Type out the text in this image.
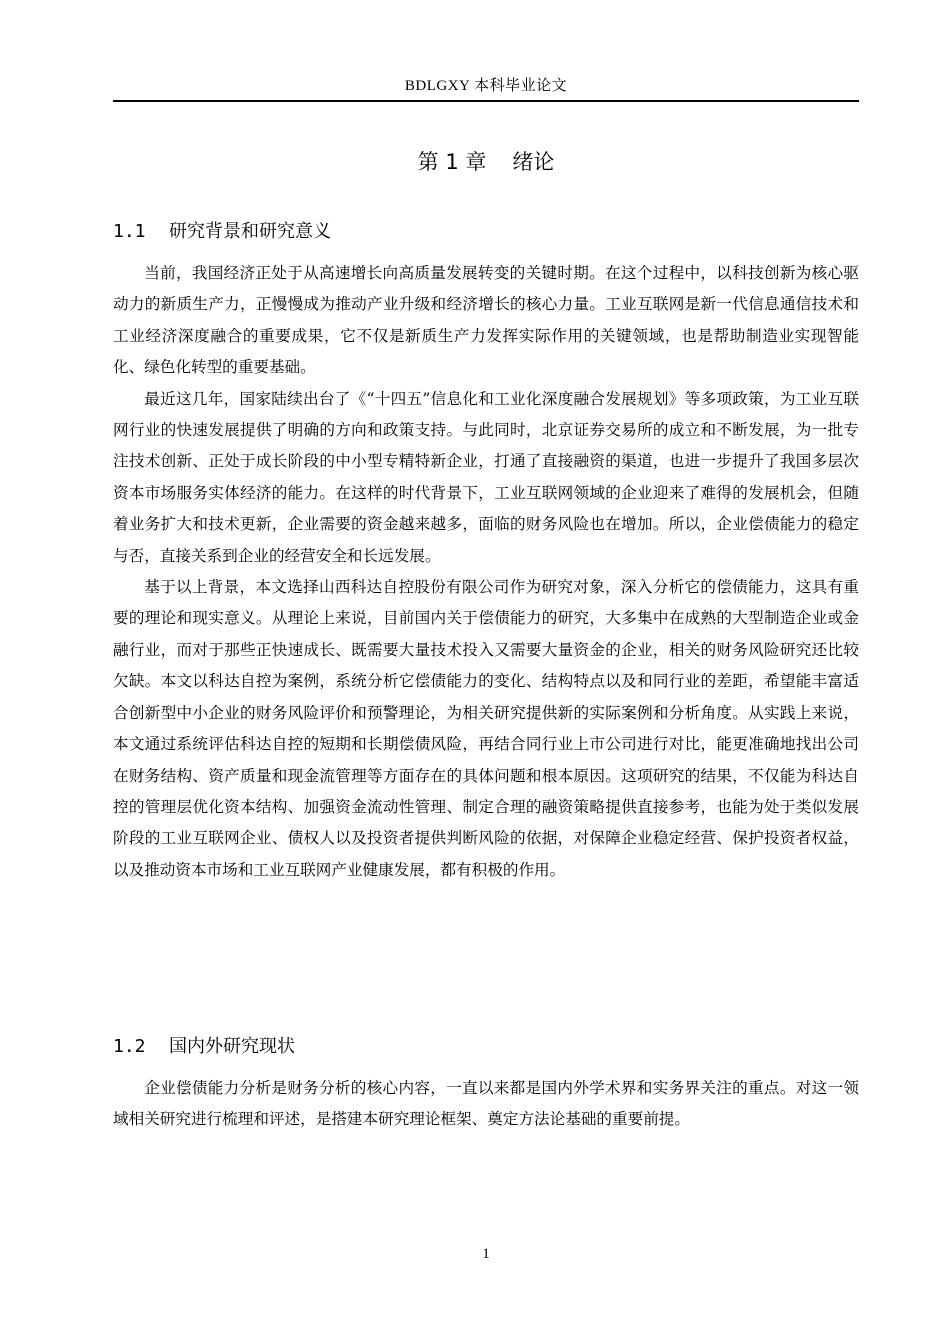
BDLGXY 本科毕业论文
第 1 章 绪论
1.1 研究背景和研究意义

当前，我国经济正处于从高速增长向高质量发展转变的关键时期。在这个过程中，以科技创新为核心驱动力的新质生产力，正慢慢成为推动产业升级和经济增长的核心力量。工业互联网是新一代信息通信技术和工业经济深度融合的重要成果，它不仅是新质生产力发挥实际作用的关键领域，也是帮助制造业实现智能化、绿色化转型的重要基础。

最近这几年，国家陆续出台了《“十四五”信息化和工业化深度融合发展规划》等多项政策，为工业互联网行业的快速发展提供了明确的方向和政策支持。与此同时，北京证券交易所的成立和不断发展，为一批专注技术创新、正处于成长阶段的中小型专精特新企业，打通了直接融资的渠道，也进一步提升了我国多层次资本市场服务实体经济的能力。在这样的时代背景下，工业互联网领域的企业迎来了难得的发展机会，但随着业务扩大和技术更新，企业需要的资金越来越多，面临的财务风险也在增加。所以，企业偿债能力的稳定与否，直接关系到企业的经营安全和长远发展。

基于以上背景，本文选择山西科达自控股份有限公司作为研究对象，深入分析它的偿债能力，这具有重要的理论和现实意义。从理论上来说，目前国内关于偿债能力的研究，大多集中在成熟的大型制造企业或金融行业，而对于那些正快速成长、既需要大量技术投入又需要大量资金的企业，相关的财务风险研究还比较欠缺。本文以科达自控为案例，系统分析它偿债能力的变化、结构特点以及和同行业的差距，希望能丰富适合创新型中小企业的财务风险评价和预警理论，为相关研究提供新的实际案例和分析角度。从实践上来说，本文通过系统评估科达自控的短期和长期偿债风险，再结合同行业上市公司进行对比，能更准确地找出公司在财务结构、资产质量和现金流管理等方面存在的具体问题和根本原因。这项研究的结果，不仅能为科达自控的管理层优化资本结构、加强资金流动性管理、制定合理的融资策略提供直接参考，也能为处于类似发展阶段的工业互联网企业、债权人以及投资者提供判断风险的依据，对保障企业稳定经营、保护投资者权益，以及推动资本市场和工业互联网产业健康发展，都有积极的作用。

1.2 国内外研究现状

企业偿债能力分析是财务分析的核心内容，一直以来都是国内外学术界和实务界关注的重点。对这一领域相关研究进行梳理和评述，是搭建本研究理论框架、奠定方法论基础的重要前提。

1
